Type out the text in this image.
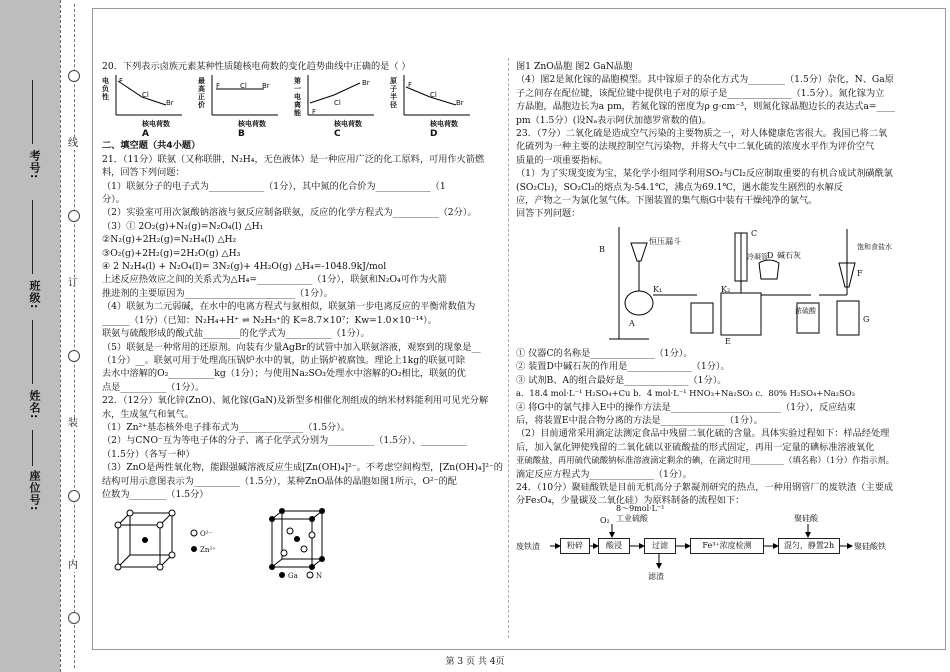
线
订
装
内
座位号:
姓名:
班级:
考号:

20．下列表示卤族元素某种性质随核电荷数的变化趋势曲线中正确的是（ ）

电负性
F
Cl
Br
核电荷数
A
最高正价
F	Cl Br
核电荷数
B
第一电离能	F
Cl
Br
核电荷数
C
原子半径
F
Cl
Br
核电荷数
D

二、填空题（共4小题）

21．（11分）联氨（又称联肼，N₂H₄，无色液体）是一种应用广泛的化工原料，可用作火箭燃

料，回答下列问题：

（1）联氨分子的电子式为____________（1分），其中氮的化合价为____________（1

分）。

（2）实验室可用次氯酸钠溶液与氨反应制备联氨，反应的化学方程式为__________（2分）。

（3）① 2O₂(g)+N₂(g)=N₂O₄(l) △H₁

②N₂(g)+2H₂(g)=N₂H₄(l) △H₂

③O₂(g)+2H₂(g)=2H₂O(g) △H₃

④ 2 N₂H₄(l) + N₂O₄(l)= 3N₂(g)+ 4H₂O(g) △H₄=-1048.9kJ/mol

上述反应热效应之间的关系式为△H₄=____________（1分），联氨和N₂O₄可作为火箭

推进剂的主要原因为________________________（1分）。

（4）联氨为二元弱碱，在水中的电离方程式与氨相似，联氨第一步电离反应的平衡常数值为

______（1分）（已知：N₂H₄+H⁺ ⇌ N₂H₅⁺的 K=8.7×10⁷；Kw=1.0×10⁻¹⁴）。

联氨与硫酸形成的酸式盐________的化学式为__________（1分）。

（5）联氨是一种常用的还原剂。向装有少量AgBr的试管中加入联氨溶液，观察到的现象是__

（1分）__。联氨可用于处理高压锅炉水中的氧，防止锅炉被腐蚀。理论上1kg的联氨可除

去水中溶解的O₂__________kg（1分）；与使用Na₂SO₃处理水中溶解的O₂相比，联氨的优

点是__________（1分）。

22．（12分）氧化锌(ZnO)、氮化镓(GaN)及新型多相催化剂组成的纳米材料能利用可见光分解

水，生成氢气和氧气。

（1）Zn²⁺基态核外电子排布式为______________（1.5分）。

（2）与CNO⁻互为等电子体的分子、离子化学式分别为__________（1.5分）、__________

（1.5分）（各写一种）

（3）ZnO是两性氧化物，能跟强碱溶液反应生成[Zn(OH)₄]²⁻。不考虑空间构型，[Zn(OH)₄]²⁻的

结构可用示意图表示为__________（1.5分），某种ZnO晶体的晶胞如图1所示，O²⁻的配

位数为________（1.5分）

O²⁻
Zn²⁺
Ga	N

图1 ZnO晶胞 图2 GaN晶胞

（4）图2是氮化镓的晶胞模型。其中镓原子的杂化方式为________（1.5分）杂化，N、Ga原

子之间存在配位键，该配位键中提供电子对的原子是______________（1.5分）。氮化镓为立

方晶胞，晶胞边长为a pm，若氮化镓的密度为ρ g·cm⁻³，则氮化镓晶胞边长的表达式a=____

pm（1.5分）(设Nₐ表示阿伏加德罗常数的值)。

23．（7分）二氧化硫是造成空气污染的主要物质之一，对人体健康危害很大。我国已将二氧

化硫列为一种主要的法规控制空气污染物，并将大气中二氧化硫的浓度水平作为评价空气

质量的一项重要指标。

（1）为了实现变废为宝，某化学小组同学利用SO₂与Cl₂反应制取重要的有机合成试剂磺酰氯

(SO₂Cl₂)，SO₂Cl₂的熔点为-54.1℃，沸点为69.1℃，遇水能发生剧烈的水解反

应，产物之一为氯化氢气体。下图装置的集气瓶G中装有干燥纯净的氯气。

回答下列问题：

B
恒压漏斗
K₁
A
C
冷凝管 D 碱石灰
K₂
E
浓硫酸
饱和食盐水
F
G

① 仪器C的名称是______________（1分）。

② 装置D中碱石灰的作用是______________（1分）。

③ 试剂B、A的组合最好是______________（1分）。

a．18.4 mol·L⁻¹ H₂SO₄+Cu b．4 mol·L⁻¹ HNO₃+Na₂SO₃ c．80% H₂SO₄+Na₂SO₃

④ 将G中的氯气排入E中的操作方法是________________________（1分），反应结束

后，将装置E中混合物分离的方法是______________（1分）。

（2）目前通常采用滴定法测定食品中残留二氧化硫的含量。具体实验过程如下：样品经处理

后，加入氯化钾使残留的二氧化硫以亚硫酸盐的形式固定，再用一定量的碘标准溶液氧化

亚硫酸盐，再用硫代硫酸钠标准溶液滴定剩余的碘，在滴定时用________（填名称）（1分）作指示剂。

滴定反应方程式为______________（1分）。

24．（10分）聚硅酸铁是目前无机高分子絮凝剂研究的热点，一种用钢管厂的废铁渣（主要成

分Fe₃O₄，少量碳及二氧化硅）为原料制备的流程如下：

8～9mol·L⁻¹
工业硫酸
O₂	聚硅酸
废铁渣	粉碎	酸浸	过滤	Fe³⁺浓度检测	混匀，静置2h	聚硅酸铁
滤渣
第 3 页 共 4页
